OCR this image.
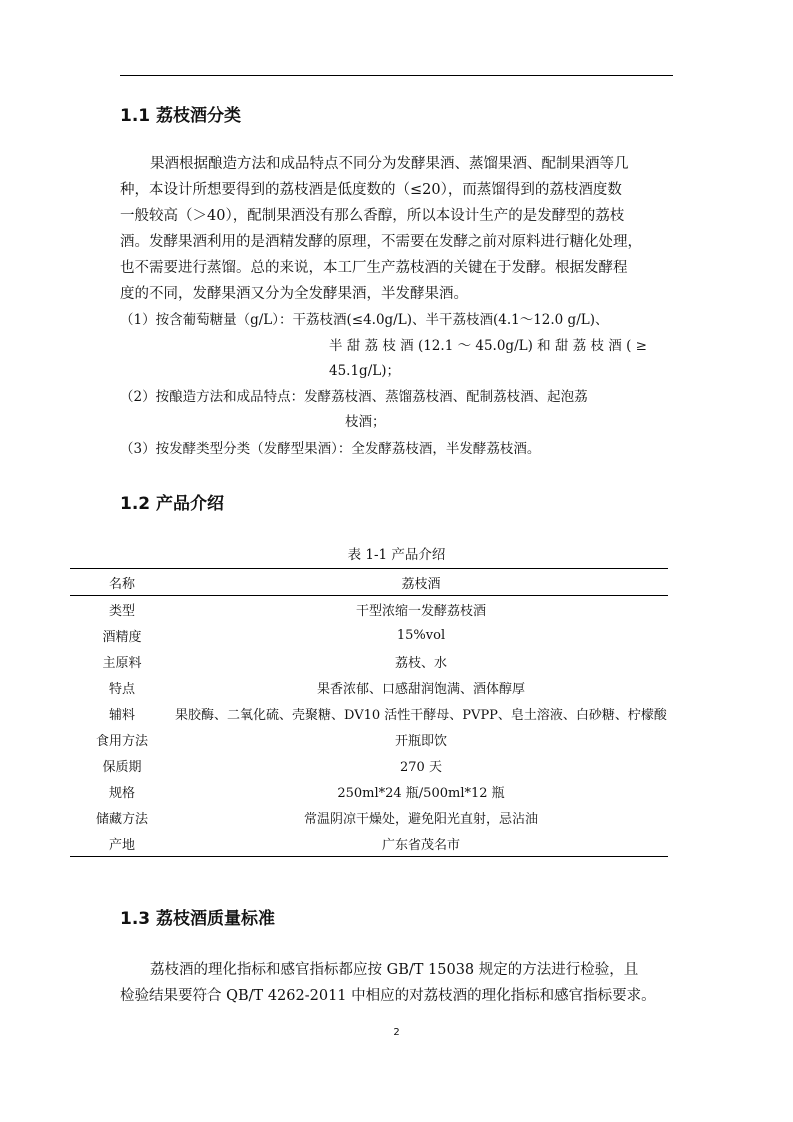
1.1 荔枝酒分类
果酒根据酿造方法和成品特点不同分为发酵果酒、蒸馏果酒、配制果酒等几
种，本设计所想要得到的荔枝酒是低度数的（≤20），而蒸馏得到的荔枝酒度数
一般较高（＞40），配制果酒没有那么香醇，所以本设计生产的是发酵型的荔枝
酒。发酵果酒利用的是酒精发酵的原理，不需要在发酵之前对原料进行糖化处理，
也不需要进行蒸馏。总的来说，本工厂生产荔枝酒的关键在于发酵。根据发酵程
度的不同，发酵果酒又分为全发酵果酒，半发酵果酒。

（1）按含葡萄糖量（g/L）：干荔枝酒(≤4.0g/L)、半干荔枝酒(4.1～12.0 g/L)、

半 甜 荔 枝 酒 (12.1 ～ 45.0g/L) 和 甜 荔 枝 酒 ( ≥

45.1g/L)；

（2）按酿造方法和成品特点：发酵荔枝酒、蒸馏荔枝酒、配制荔枝酒、起泡荔

枝酒；

（3）按发酵类型分类（发酵型果酒）：全发酵荔枝酒，半发酵荔枝酒。

1.2 产品介绍

表 1-1 产品介绍

名称	荔枝酒
类型	干型浓缩一发酵荔枝酒
酒精度	15%vol
主原料	荔枝、水
特点	果香浓郁、口感甜润饱满、酒体醇厚
辅料	果胶酶、二氧化硫、壳聚糖、DV10 活性干酵母、PVPP、皂土溶液、白砂糖、柠檬酸
食用方法	开瓶即饮
保质期	270 天
规格	250ml*24 瓶/500ml*12 瓶
储藏方法	常温阴凉干燥处，避免阳光直射，忌沾油
产地	广东省茂名市
1.3 荔枝酒质量标准
荔枝酒的理化指标和感官指标都应按 GB/T 15038 规定的方法进行检验，且
检验结果要符合 QB/T 4262-2011 中相应的对荔枝酒的理化指标和感官指标要求。

2
